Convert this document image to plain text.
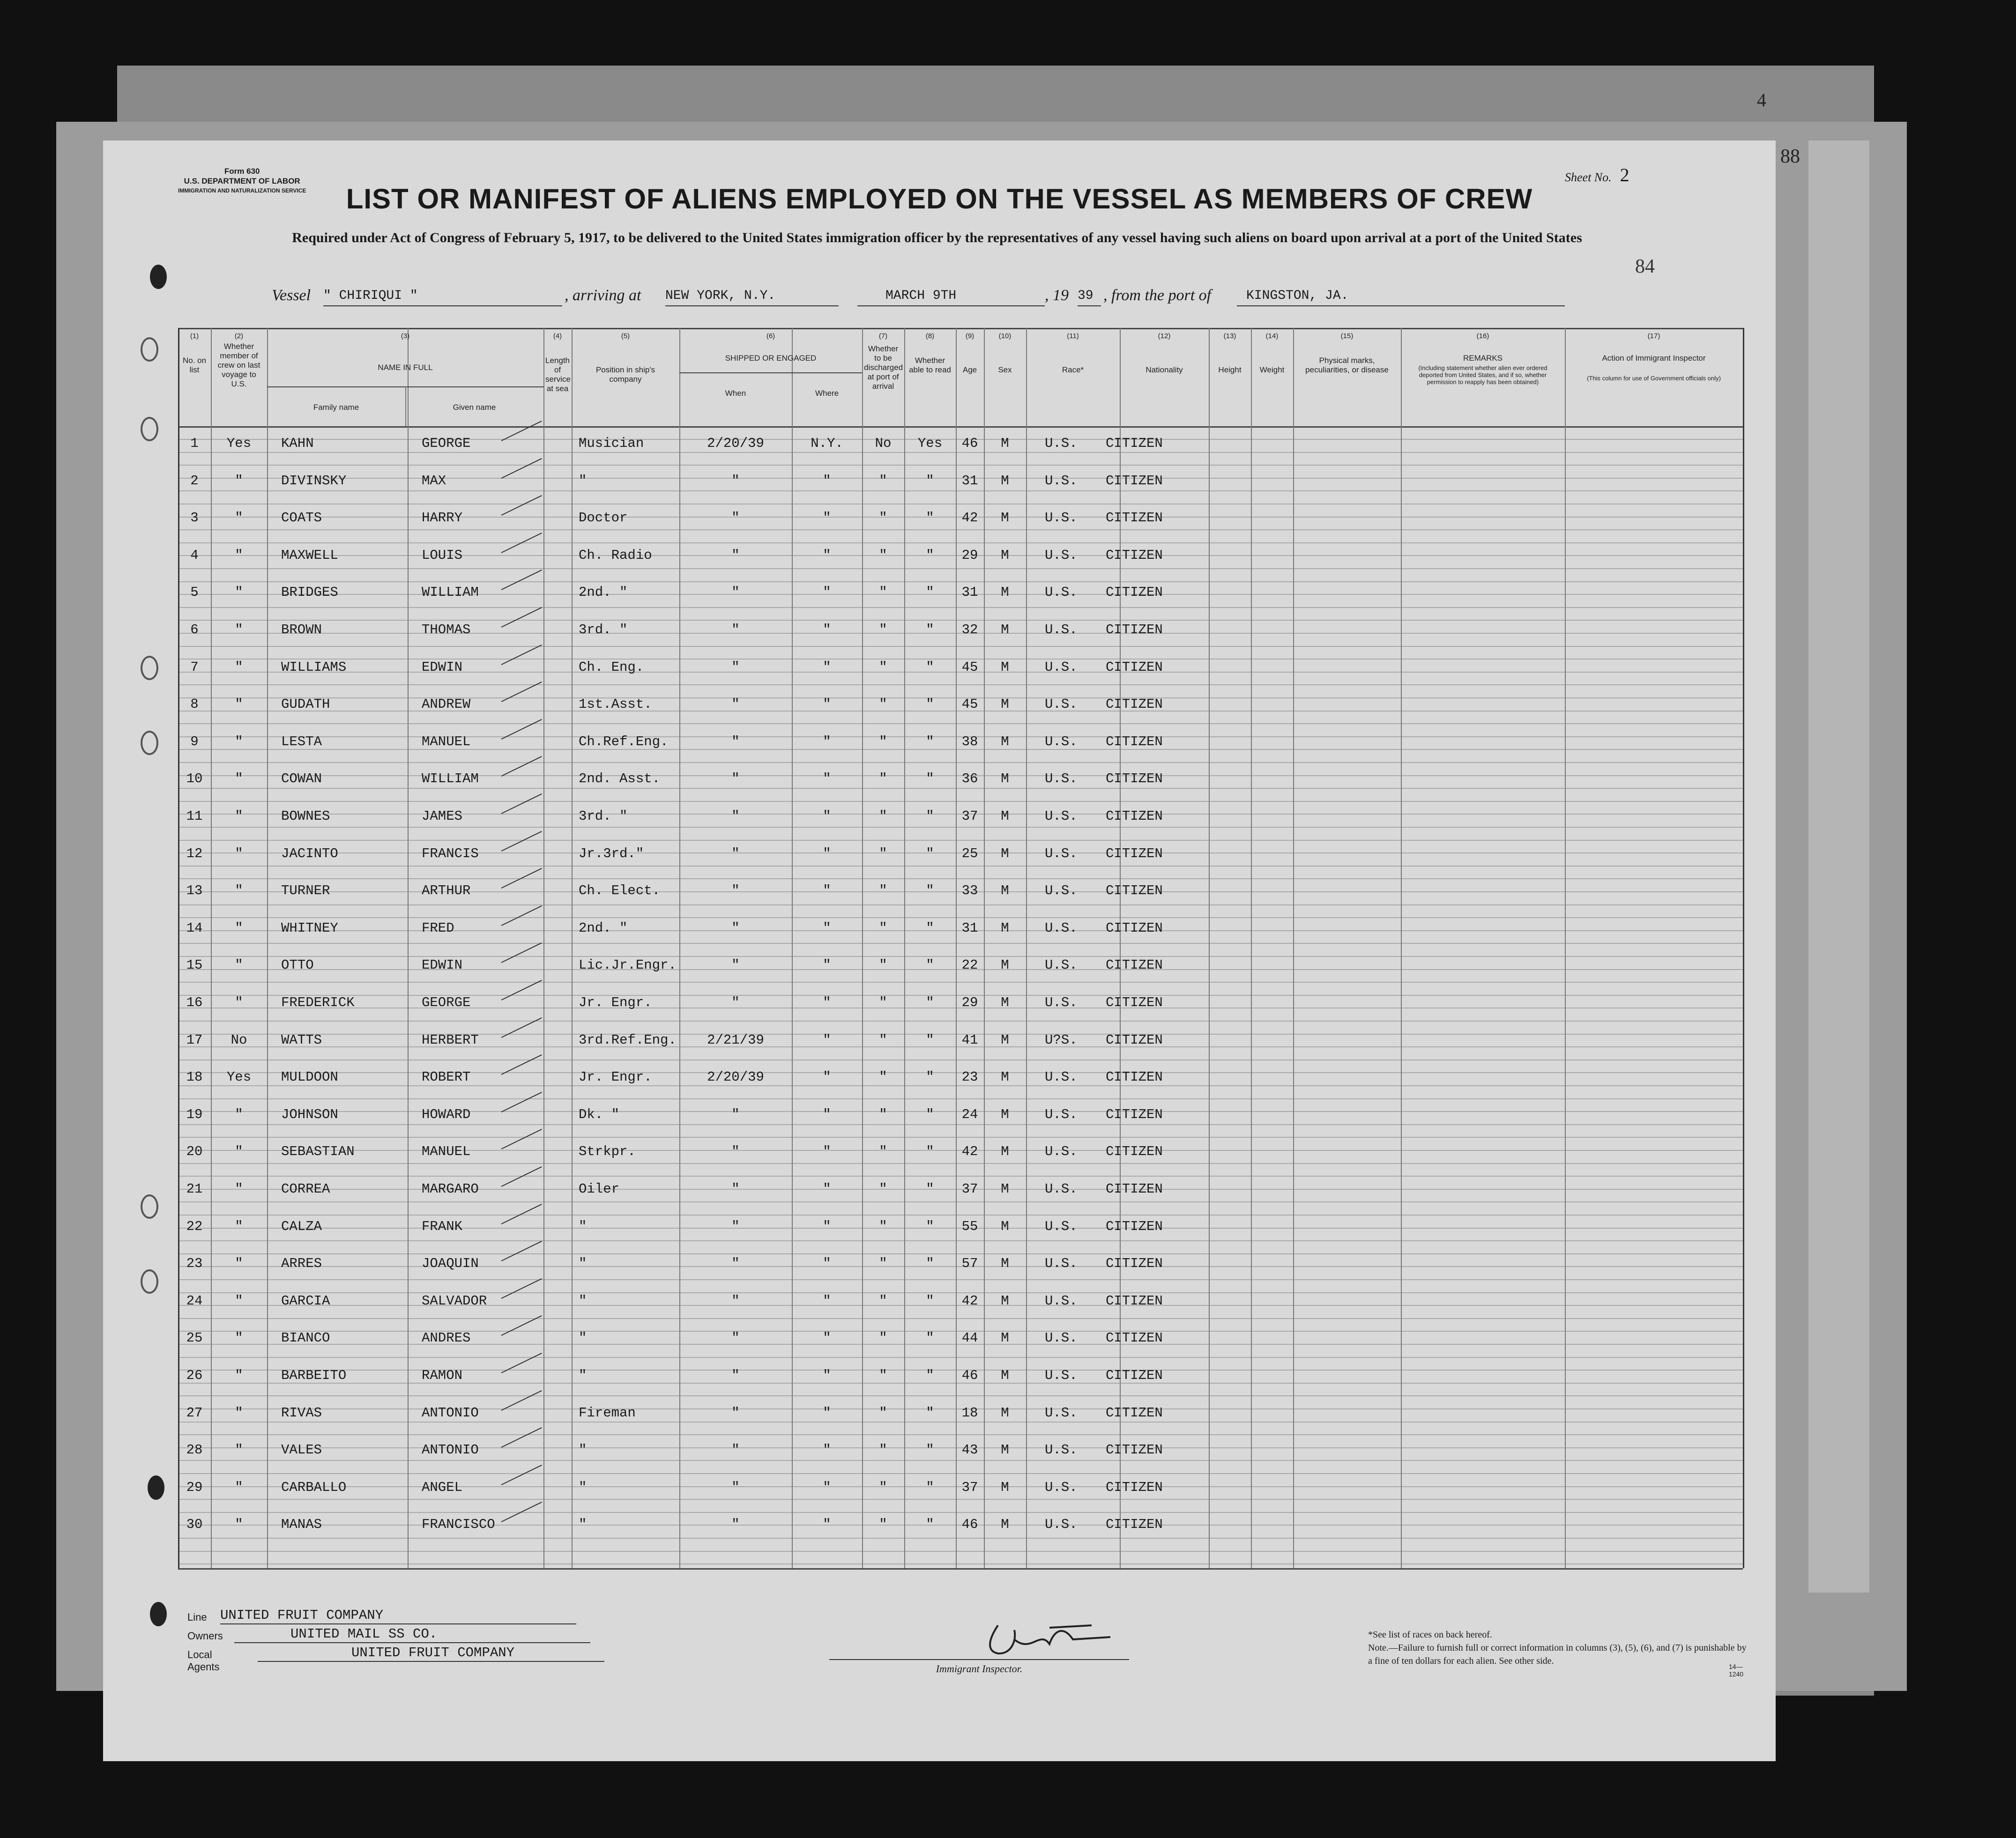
Form 630
U.S. DEPARTMENT OF LABOR
IMMIGRATION AND NATURALIZATION SERVICE
Sheet No. 2
84
LIST OR MANIFEST OF ALIENS EMPLOYED ON THE VESSEL AS MEMBERS OF CREW
Required under Act of Congress of February 5, 1917, to be delivered to the United States immigration officer by the representatives of any vessel having such aliens on board upon arrival at a port of the United States
Vessel " CHIRIQUI "	, arriving at NEW YORK, N.Y.	MARCH 9TH	, 19 39 , from the port of	KINGSTON, JA.
(1)	(2)	(3)	(4)	(5)	(6)	(7)	(8)	(9)	(10)	(11)	(12)	(13)	(14)	(15)	(16)	(17)
No. on list
Whether member of crew on last voyage to U.S.
NAME IN FULL
Family name	Given name
Length of service at sea
Position in ship's company
SHIPPED OR ENGAGED
When	Where
Whether to be discharged at port of arrival
Whether able to read	Age	Sex	Race*	Nationality	Height	Weight
Physical marks, peculiarities, or disease
REMARKS
(Including statement whether alien ever ordered deported from United States, and if so, whether permission to reapply has been obtained)
Action of Immigrant Inspector
(This column for use of Government officials only)
1	Yes	KAHN	GEORGE	Musician	2/20/39	N.Y.	No	Yes	46	M	U.S.	CITIZEN
2	"	DIVINSKY	MAX	"	"	"	"	"	31	M	U.S.	CITIZEN
3	"	COATS	HARRY	Doctor	"	"	"	"	42	M	U.S.	CITIZEN
4	"	MAXWELL	LOUIS	Ch. Radio	"	"	"	"	29	M	U.S.	CITIZEN
5	"	BRIDGES	WILLIAM	2nd. "	"	"	"	"	31	M	U.S.	CITIZEN
6	"	BROWN	THOMAS	3rd. "	"	"	"	"	32	M	U.S.	CITIZEN
7	"	WILLIAMS	EDWIN	Ch. Eng.	"	"	"	"	45	M	U.S.	CITIZEN
8	"	GUDATH	ANDREW	1st.Asst.	"	"	"	"	45	M	U.S.	CITIZEN
9	"	LESTA	MANUEL	Ch.Ref.Eng.	"	"	"	"	38	M	U.S.	CITIZEN
10	"	COWAN	WILLIAM	2nd. Asst.	"	"	"	"	36	M	U.S.	CITIZEN
11	"	BOWNES	JAMES	3rd. "	"	"	"	"	37	M	U.S.	CITIZEN
12	"	JACINTO	FRANCIS	Jr.3rd."	"	"	"	"	25	M	U.S.	CITIZEN
13	"	TURNER	ARTHUR	Ch. Elect.	"	"	"	"	33	M	U.S.	CITIZEN
14	"	WHITNEY	FRED	2nd. "	"	"	"	"	31	M	U.S.	CITIZEN
15	"	OTTO	EDWIN	Lic.Jr.Engr.	"	"	"	"	22	M	U.S.	CITIZEN
16	"	FREDERICK	GEORGE	Jr. Engr.	"	"	"	"	29	M	U.S.	CITIZEN
17	No	WATTS	HERBERT	3rd.Ref.Eng.	2/21/39	"	"	"	41	M	U?S.	CITIZEN
18	Yes	MULDOON	ROBERT	Jr. Engr.	2/20/39	"	"	"	23	M	U.S.	CITIZEN
19	"	JOHNSON	HOWARD	Dk. "	"	"	"	"	24	M	U.S.	CITIZEN
20	"	SEBASTIAN	MANUEL	Strkpr.	"	"	"	"	42	M	U.S.	CITIZEN
21	"	CORREA	MARGARO	Oiler	"	"	"	"	37	M	U.S.	CITIZEN
22	"	CALZA	FRANK	"	"	"	"	"	55	M	U.S.	CITIZEN
23	"	ARRES	JOAQUIN	"	"	"	"	"	57	M	U.S.	CITIZEN
24	"	GARCIA	SALVADOR	"	"	"	"	"	42	M	U.S.	CITIZEN
25	"	BIANCO	ANDRES	"	"	"	"	"	44	M	U.S.	CITIZEN
26	"	BARBEITO	RAMON	"	"	"	"	"	46	M	U.S.	CITIZEN
27	"	RIVAS	ANTONIO	Fireman	"	"	"	"	18	M	U.S.	CITIZEN
28	"	VALES	ANTONIO	"	"	"	"	"	43	M	U.S.	CITIZEN
29	"	CARBALLO	ANGEL	"	"	"	"	"	37	M	U.S.	CITIZEN
30	"	MANAS	FRANCISCO	"	"	"	"	"	46	M	U.S.	CITIZEN
Line UNITED FRUIT COMPANY
Owners	UNITED MAIL SS CO.
Local Agents
UNITED FRUIT COMPANY
Immigrant Inspector.
*See list of races on back hereof.
Note.—Failure to furnish full or correct information in columns (3), (5), (6), and (7) is punishable by a fine of ten dollars for each alien. See other side.
14—1240
88
4
